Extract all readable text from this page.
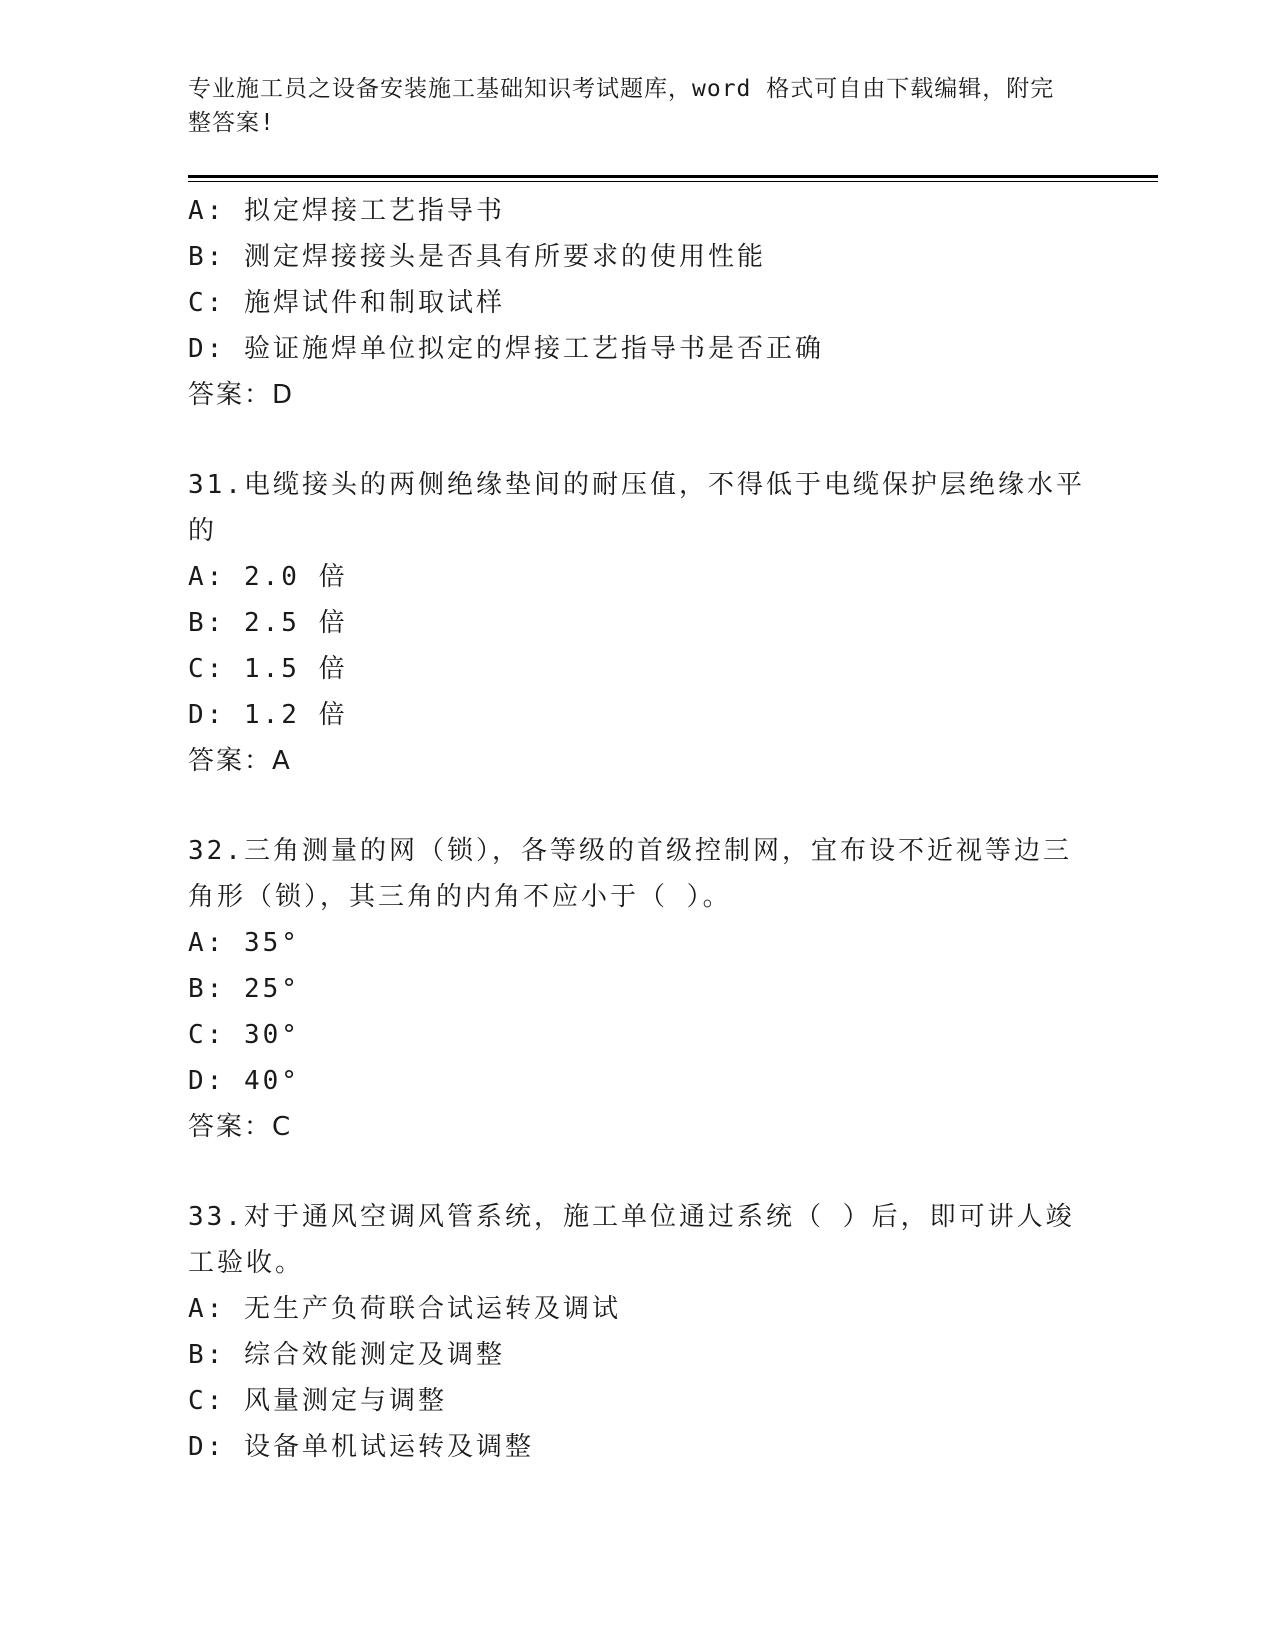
专业施工员之设备安装施工基础知识考试题库，word 格式可自由下载编辑，附完整答案!
A: 拟定焊接工艺指导书
B: 测定焊接接头是否具有所要求的使用性能
C: 施焊试件和制取试样
D: 验证施焊单位拟定的焊接工艺指导书是否正确
答案：D
31.电缆接头的两侧绝缘垫间的耐压值，不得低于电缆保护层绝缘水平
的
A: 2.0 倍
B: 2.5 倍
C: 1.5 倍
D: 1.2 倍
答案：A
32.三角测量的网（锁），各等级的首级控制网，宜布设不近视等边三
角形（锁），其三角的内角不应小于（ ）。
A: 35°
B: 25°
C: 30°
D: 40°
答案：C
33.对于通风空调风管系统，施工单位通过系统（ ）后，即可讲人竣
工验收。
A: 无生产负荷联合试运转及调试
B: 综合效能测定及调整
C: 风量测定与调整
D: 设备单机试运转及调整
